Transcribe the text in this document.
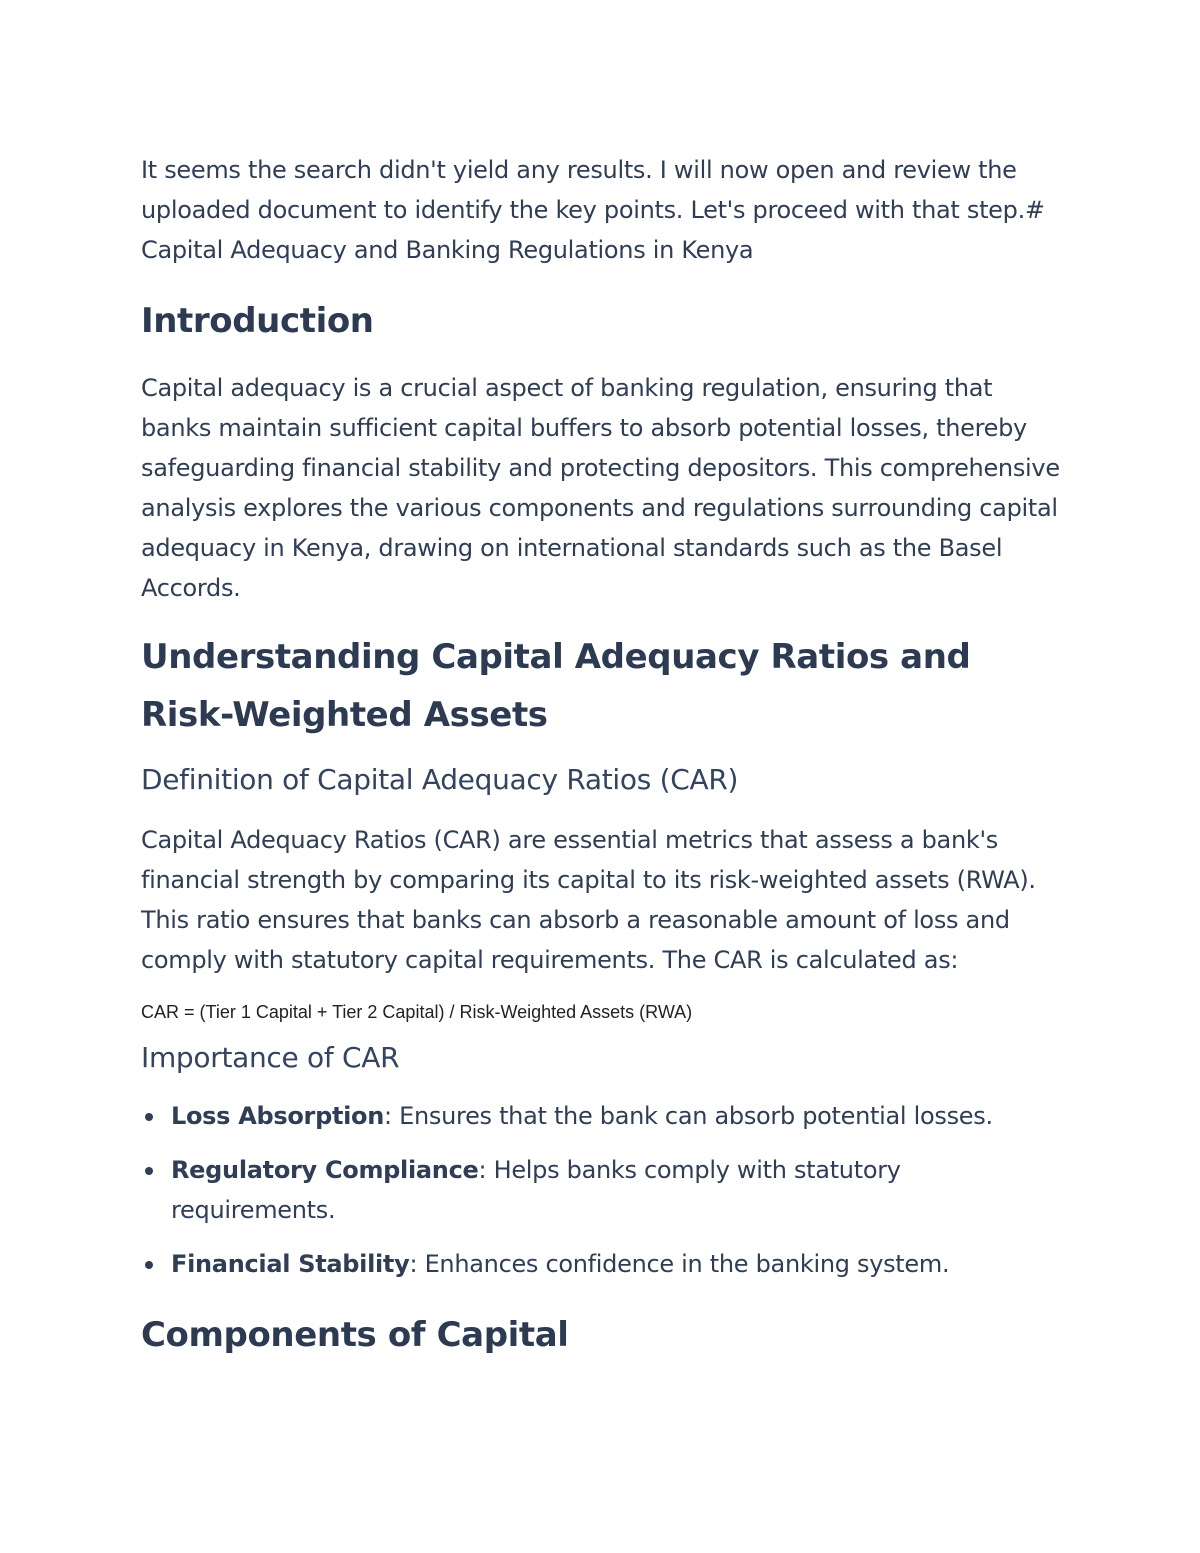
It seems the search didn't yield any results. I will now open and review the uploaded document to identify the key points. Let's proceed with that step.# Capital Adequacy and Banking Regulations in Kenya

Introduction

Capital adequacy is a crucial aspect of banking regulation, ensuring that banks maintain sufficient capital buffers to absorb potential losses, thereby safeguarding financial stability and protecting depositors. This comprehensive analysis explores the various components and regulations surrounding capital adequacy in Kenya, drawing on international standards such as the Basel Accords.

Understanding Capital Adequacy Ratios and Risk-Weighted Assets
Definition of Capital Adequacy Ratios (CAR)

Capital Adequacy Ratios (CAR) are essential metrics that assess a bank's financial strength by comparing its capital to its risk-weighted assets (RWA). This ratio ensures that banks can absorb a reasonable amount of loss and comply with statutory capital requirements. The CAR is calculated as:

CAR = (Tier 1 Capital + Tier 2 Capital) / Risk-Weighted Assets (RWA)

Importance of CAR
Loss Absorption: Ensures that the bank can absorb potential losses.
Regulatory Compliance: Helps banks comply with statutory requirements.
Financial Stability: Enhances confidence in the banking system.
Components of Capital
